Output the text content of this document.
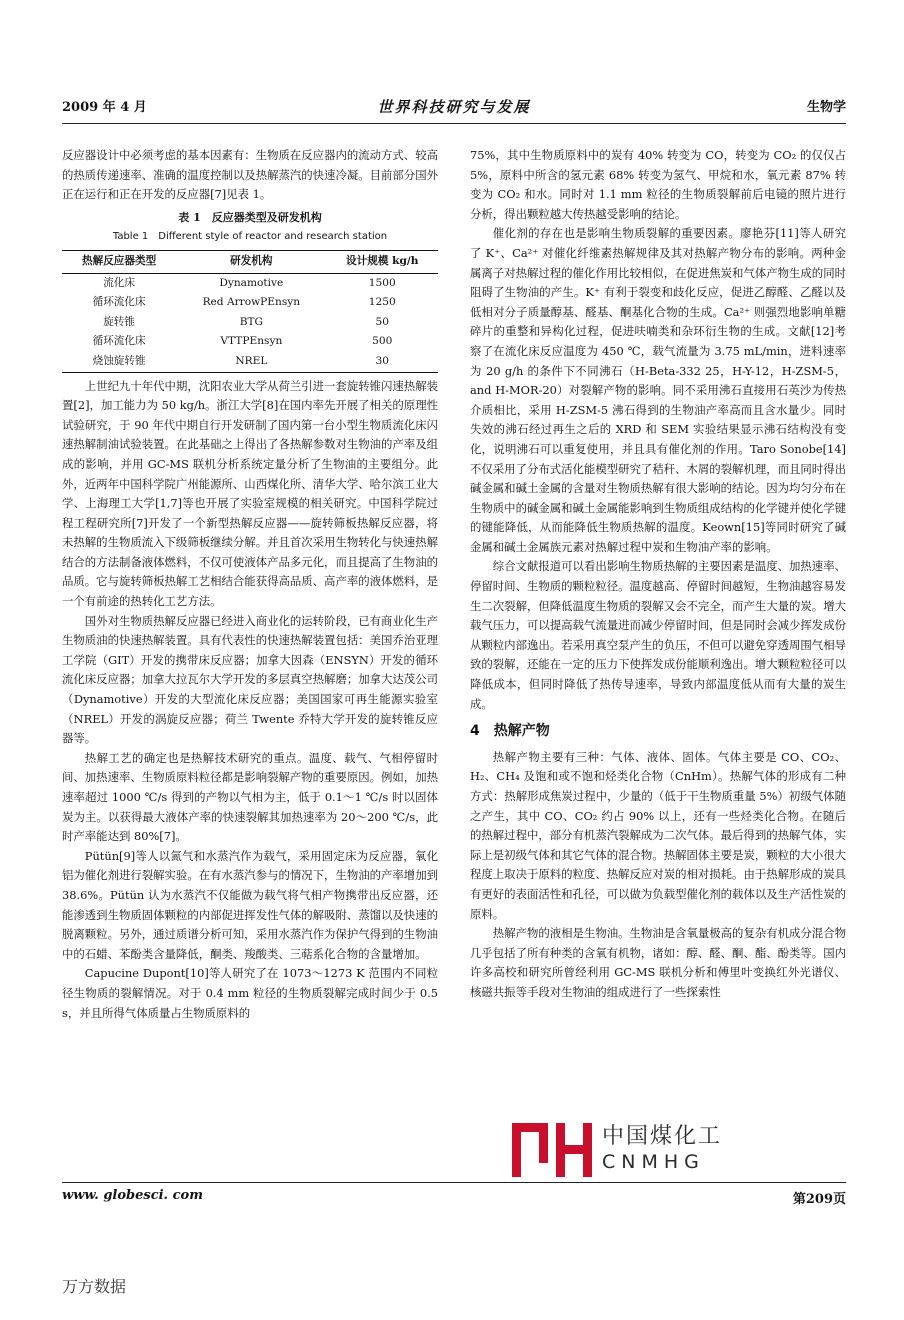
2009 年 4 月	世界科技研究与发展	生物学

反应器设计中必须考虑的基本因素有：生物质在反应器内的流动方式、较高的热质传递速率、准确的温度控制以及热解蒸汽的快速冷凝。目前部分国外正在运行和正在开发的反应器[7]见表 1。

表 1　反应器类型及研发机构
Table 1　Different style of reactor and research station
热解反应器类型	研发机构	设计规模 kg/h
流化床	Dynamotive	1500
循环流化床	Red ArrowPEnsyn	1250
旋转锥	BTG	50
循环流化床	VTTPEnsyn	500
烧蚀旋转锥	NREL	30

上世纪九十年代中期，沈阳农业大学从荷兰引进一套旋转锥闪速热解装置[2]，加工能力为 50 kg/h。浙江大学[8]在国内率先开展了相关的原理性试验研究，于 90 年代中期自行开发研制了国内第一台小型生物质流化床闪速热解制油试验装置。在此基础之上得出了各热解参数对生物油的产率及组成的影响，并用 GC-MS 联机分析系统定量分析了生物油的主要组分。此外，近两年中国科学院广州能源所、山西煤化所、清华大学、哈尔滨工业大学、上海理工大学[1,7]等也开展了实验室规模的相关研究。中国科学院过程工程研究所[7]开发了一个新型热解反应器——旋转筛板热解反应器，将未热解的生物质流入下级筛板继续分解。并且首次采用生物转化与快速热解结合的方法制备液体燃料，不仅可使液体产品多元化，而且提高了生物油的品质。它与旋转筛板热解工艺相结合能获得高品质、高产率的液体燃料，是一个有前途的热转化工艺方法。

国外对生物质热解反应器已经进入商业化的运转阶段，已有商业化生产生物质油的快速热解装置。具有代表性的快速热解装置包括：美国乔治亚理工学院（GIT）开发的携带床反应器；加拿大因森（ENSYN）开发的循环流化床反应器；加拿大拉瓦尔大学开发的多层真空热解磨；加拿大达茂公司（Dynamotive）开发的大型流化床反应器；美国国家可再生能源实验室（NREL）开发的涡旋反应器；荷兰 Twente 乔特大学开发的旋转锥反应器等。

热解工艺的确定也是热解技术研究的重点。温度、载气、气相停留时间、加热速率、生物质原料粒径都是影响裂解产物的重要原因。例如，加热速率超过 1000 ℃/s 得到的产物以气相为主，低于 0.1～1 ℃/s 时以固体炭为主。以获得最大液体产率的快速裂解其加热速率为 20～200 ℃/s，此时产率能达到 80%[7]。

Pütün[9]等人以氮气和水蒸汽作为载气，采用固定床为反应器，氧化铝为催化剂进行裂解实验。在有水蒸汽参与的情况下，生物油的产率增加到 38.6%。Pütün 认为水蒸汽不仅能做为载气将气相产物携带出反应器，还能渗透到生物质固体颗粒的内部促进挥发性气体的解吸附、蒸馏以及快速的脱离颗粒。另外，通过质谱分析可知，采用水蒸汽作为保护气得到的生物油中的石蜡、苯酚类含量降低，酮类、羧酸类、三萜系化合物的含量增加。

Capucine Dupont[10]等人研究了在 1073～1273 K 范围内不同粒径生物质的裂解情况。对于 0.4 mm 粒径的生物质裂解完成时间少于 0.5 s，并且所得气体质量占生物质原料的

75%，其中生物质原料中的炭有 40% 转变为 CO，转变为 CO₂ 的仅仅占 5%，原料中所含的氢元素 68% 转变为氢气、甲烷和水，氧元素 87% 转变为 CO₂ 和水。同时对 1.1 mm 粒径的生物质裂解前后电镜的照片进行分析，得出颗粒越大传热越受影响的结论。

催化剂的存在也是影响生物质裂解的重要因素。廖艳芬[11]等人研究了 K⁺、Ca²⁺ 对催化纤维素热解规律及其对热解产物分布的影响。两种金属离子对热解过程的催化作用比较相似，在促进焦炭和气体产物生成的同时阻碍了生物油的产生。K⁺ 有利于裂变和歧化反应，促进乙醇醛、乙醛以及低相对分子质量醇基、醛基、酮基化合物的生成。Ca²⁺ 则强烈地影响单糖碎片的重整和异构化过程，促进呋喃类和杂环衍生物的生成。文献[12]考察了在流化床反应温度为 450 ℃，载气流量为 3.75 mL/min，进料速率为 20 g/h 的条件下不同沸石（H-Beta-332 25，H-Y-12，H-ZSM-5，and H-MOR-20）对裂解产物的影响。同不采用沸石直接用石英沙为传热介质相比，采用 H-ZSM-5 沸石得到的生物油产率高而且含水量少。同时失效的沸石经过再生之后的 XRD 和 SEM 实验结果显示沸石结构没有变化，说明沸石可以重复使用，并且具有催化剂的作用。Taro Sonobe[14]不仅采用了分布式活化能模型研究了秸秆、木屑的裂解机理，而且同时得出碱金属和碱土金属的含量对生物质热解有很大影响的结论。因为均匀分布在生物质中的碱金属和碱土金属能影响到生物质组成结构的化学键并使化学键的键能降低，从而能降低生物质热解的温度。Keown[15]等同时研究了碱金属和碱土金属族元素对热解过程中炭和生物油产率的影响。

综合文献报道可以看出影响生物质热解的主要因素是温度、加热速率、停留时间、生物质的颗粒粒径。温度越高、停留时间越短，生物油越容易发生二次裂解，但降低温度生物质的裂解又会不完全，而产生大量的炭。增大载气压力，可以提高载气流量进而减少停留时间，但是同时会减少挥发成份从颗粒内部逸出。若采用真空泵产生的负压，不但可以避免穿透周围气相导致的裂解，还能在一定的压力下使挥发成份能顺利逸出。增大颗粒粒径可以降低成本，但同时降低了热传导速率，导致内部温度低从而有大量的炭生成。

4　热解产物

热解产物主要有三种：气体、液体、固体。气体主要是 CO、CO₂、H₂、CH₄ 及饱和或不饱和烃类化合物（CnHm）。热解气体的形成有二种方式：热解形成焦炭过程中，少量的（低于干生物质重量 5%）初级气体随之产生，其中 CO、CO₂ 约占 90% 以上，还有一些烃类化合物。在随后的热解过程中，部分有机蒸汽裂解成为二次气体。最后得到的热解气体，实际上是初级气体和其它气体的混合物。热解固体主要是炭，颗粒的大小很大程度上取决于原料的粒度、热解反应对炭的相对损耗。由于热解形成的炭具有更好的表面活性和孔径，可以做为负载型催化剂的载体以及生产活性炭的原料。

热解产物的液相是生物油。生物油是含氧量极高的复杂有机成分混合物几乎包括了所有种类的含氧有机物，诸如：醇、醛、酮、酯、酚类等。国内许多高校和研究所曾经利用 GC-MS 联机分析和傅里叶变换红外光谱仪、核磁共振等手段对生物油的组成进行了一些探索性

中国煤化工
CNMHG
www. globesci. com	第209页
万方数据
